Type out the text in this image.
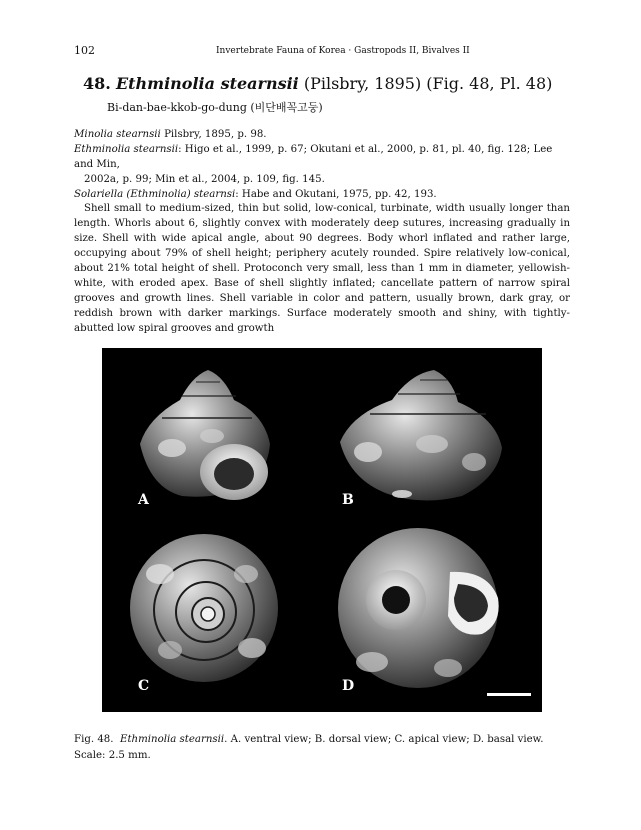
102	Invertebrate Fauna of Korea · Gastropods II, Bivalves II
48. Ethminolia stearnsii (Pilsbry, 1895) (Fig. 48, Pl. 48)
Bi-dan-bae-kkob-go-dung (비단배꼭고둥)
Minolia stearnsii Pilsbry, 1895, p. 98.
Ethminolia stearnsii: Higo et al., 1999, p. 67; Okutani et al., 2000, p. 81, pl. 40, fig. 128; Lee and Min,
2002a, p. 99; Min et al., 2004, p. 109, fig. 145.
Solariella (Ethminolia) stearnsi: Habe and Okutani, 1975, pp. 42, 193.
Shell small to medium-sized, thin but solid, low-conical, turbinate, width usually longer than length. Whorls about 6, slightly convex with moderately deep sutures, increasing gradually in size. Shell with wide apical angle, about 90 degrees. Body whorl inflated and rather large, occupying about 79% of shell height; periphery acutely rounded. Spire relatively low-conical, about 21% total height of shell. Protoconch very small, less than 1 mm in diameter, yellowish-white, with eroded apex. Base of shell slightly inflated; cancellate pattern of narrow spiral grooves and growth lines. Shell variable in color and pattern, usually brown, dark gray, or reddish brown with darker markings. Surface moderately smooth and shiny, with tightly-abutted low spiral grooves and growth
A	B
C	D
Fig. 48. Ethminolia stearnsii. A. ventral view; B. dorsal view; C. apical view; D. basal view. Scale: 2.5 mm.
